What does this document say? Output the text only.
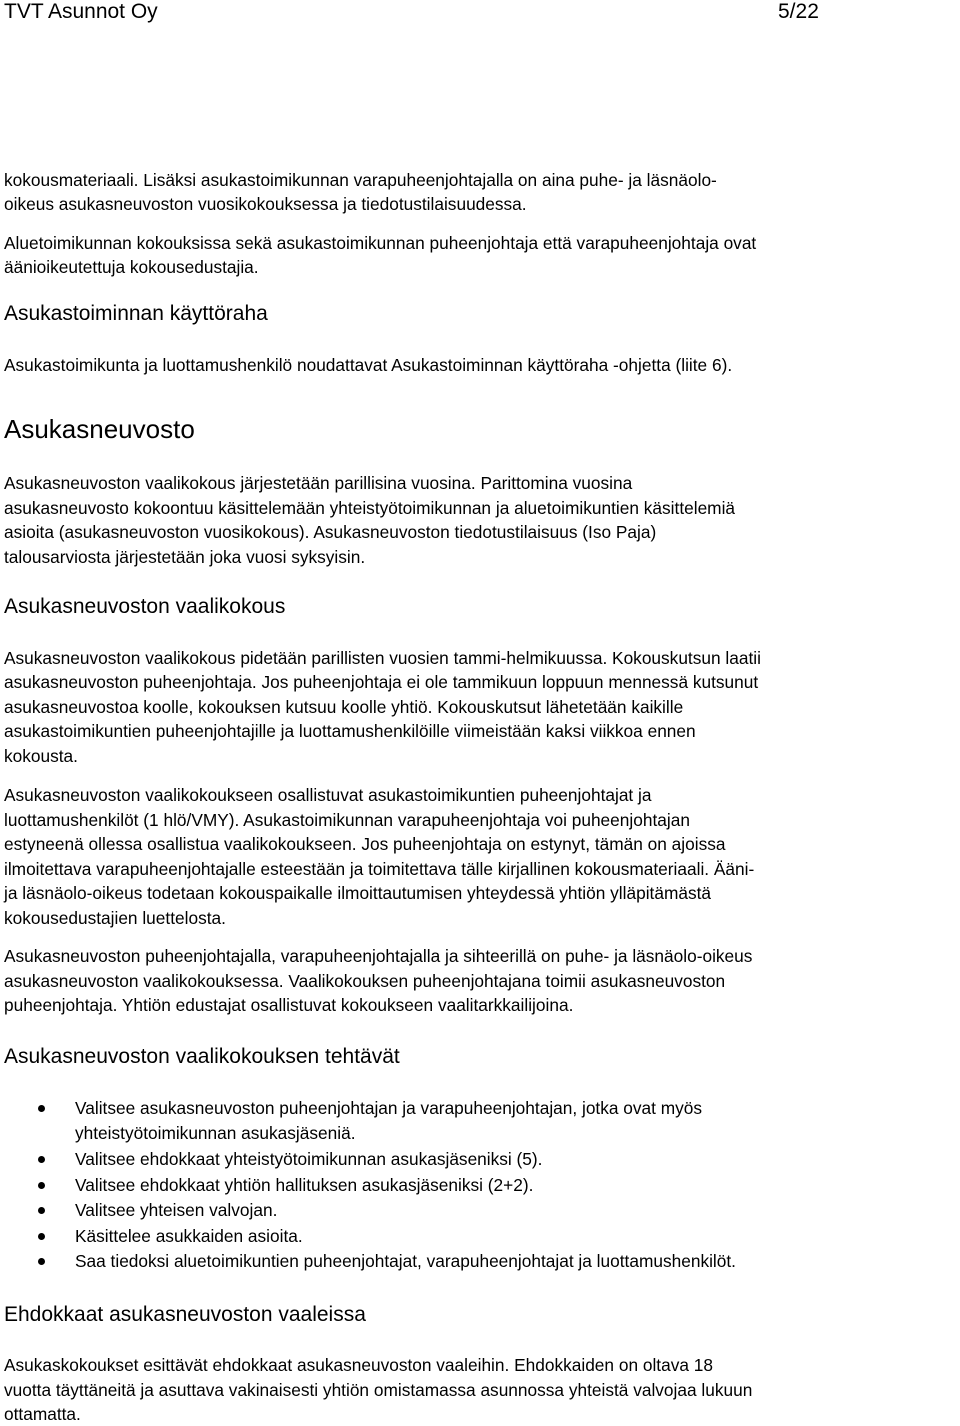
TVT Asunnot Oy	5/22
kokousmateriaali. Lisäksi asukastoimikunnan varapuheenjohtajalla on aina puhe- ja läsnäolo-
oikeus asukasneuvoston vuosikokouksessa ja tiedotustilaisuudessa.
Aluetoimikunnan kokouksissa sekä asukastoimikunnan puheenjohtaja että varapuheenjohtaja ovat
äänioikeutettuja kokousedustajia.
Asukastoiminnan käyttöraha
Asukastoimikunta ja luottamushenkilö noudattavat Asukastoiminnan käyttöraha -ohjetta (liite 6).
Asukasneuvosto
Asukasneuvoston vaalikokous järjestetään parillisina vuosina. Parittomina vuosina
asukasneuvosto kokoontuu käsittelemään yhteistyötoimikunnan ja aluetoimikuntien käsittelemiä
asioita (asukasneuvoston vuosikokous). Asukasneuvoston tiedotustilaisuus (Iso Paja)
talousarviosta järjestetään joka vuosi syksyisin.
Asukasneuvoston vaalikokous
Asukasneuvoston vaalikokous pidetään parillisten vuosien tammi-helmikuussa. Kokouskutsun laatii
asukasneuvoston puheenjohtaja. Jos puheenjohtaja ei ole tammikuun loppuun mennessä kutsunut
asukasneuvostoa koolle, kokouksen kutsuu koolle yhtiö. Kokouskutsut lähetetään kaikille
asukastoimikuntien puheenjohtajille ja luottamushenkilöille viimeistään kaksi viikkoa ennen
kokousta.
Asukasneuvoston vaalikokoukseen osallistuvat asukastoimikuntien puheenjohtajat ja
luottamushenkilöt (1 hlö/VMY). Asukastoimikunnan varapuheenjohtaja voi puheenjohtajan
estyneenä ollessa osallistua vaalikokoukseen. Jos puheenjohtaja on estynyt, tämän on ajoissa
ilmoitettava varapuheenjohtajalle esteestään ja toimitettava tälle kirjallinen kokousmateriaali. Ääni-
ja läsnäolo-oikeus todetaan kokouspaikalle ilmoittautumisen yhteydessä yhtiön ylläpitämästä
kokousedustajien luettelosta.
Asukasneuvoston puheenjohtajalla, varapuheenjohtajalla ja sihteerillä on puhe- ja läsnäolo-oikeus
asukasneuvoston vaalikokouksessa. Vaalikokouksen puheenjohtajana toimii asukasneuvoston
puheenjohtaja. Yhtiön edustajat osallistuvat kokoukseen vaalitarkkailijoina.
Asukasneuvoston vaalikokouksen tehtävät
Valitsee asukasneuvoston puheenjohtajan ja varapuheenjohtajan, jotka ovat myös
yhteistyötoimikunnan asukasjäseniä.
Valitsee ehdokkaat yhteistyötoimikunnan asukasjäseniksi (5).
Valitsee ehdokkaat yhtiön hallituksen asukasjäseniksi (2+2).
Valitsee yhteisen valvojan.
Käsittelee asukkaiden asioita.
Saa tiedoksi aluetoimikuntien puheenjohtajat, varapuheenjohtajat ja luottamushenkilöt.
Ehdokkaat asukasneuvoston vaaleissa
Asukaskokoukset esittävät ehdokkaat asukasneuvoston vaaleihin. Ehdokkaiden on oltava 18
vuotta täyttäneitä ja asuttava vakinaisesti yhtiön omistamassa asunnossa yhteistä valvojaa lukuun
ottamatta.
